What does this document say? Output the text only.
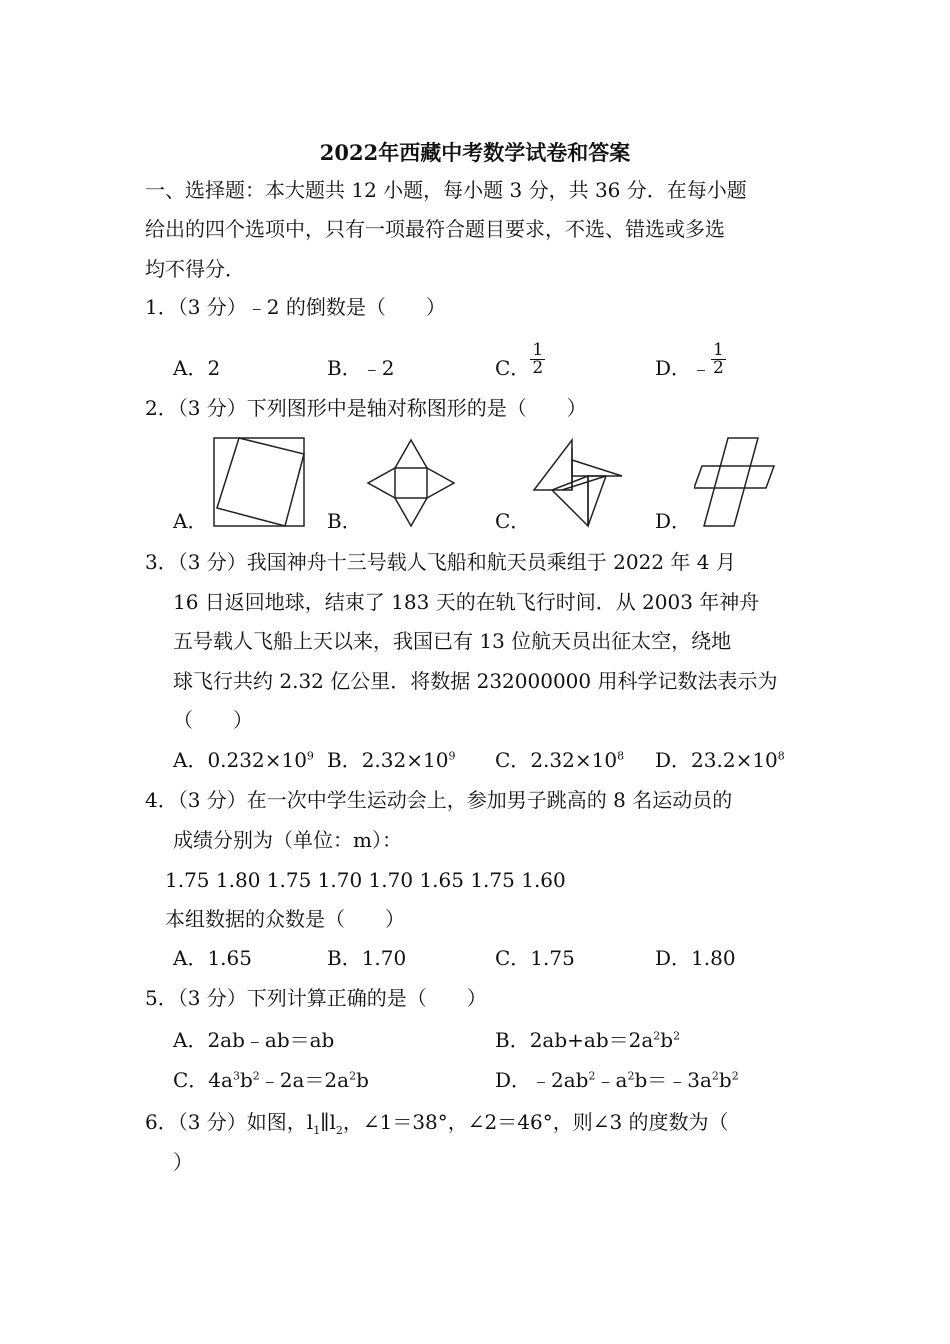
2022年西藏中考数学试卷和答案
一、选择题：本大题共 12 小题，每小题 3 分，共 36 分．在每小题
给出的四个选项中，只有一项最符合题目要求，不选、错选或多选
均不得分．
1．（3 分）﹣2 的倒数是（　　）
A．2	B．﹣2	C． $\frac{1}{2}$	D．﹣ $\frac{1}{2}$
2．（3 分）下列图形中是轴对称图形的是（　　）
A．	B．	C．	D．
3．（3 分）我国神舟十三号载人飞船和航天员乘组于 2022 年 4 月
16 日返回地球，结束了 183 天的在轨飞行时间．从 2003 年神舟
五号载人飞船上天以来，我国已有 13 位航天员出征太空，绕地
球飞行共约 2.32 亿公里．将数据 232000000 用科学记数法表示为
（　　）
A．$0.232\times 10^9$ B．$2.32\times 10^9$ C．$2.32\times 10^8$ D．$23.2\times 10^8$
4．（3 分）在一次中学生运动会上，参加男子跳高的 8 名运动员的
成绩分别为（单位：m）：
1.75 1.80 1.75 1.70 1.70 1.65 1.75 1.60
本组数据的众数是（　　）
A．1.65	B．1.70	C．1.75	D．1.80
5．（3 分）下列计算正确的是（　　）
A．2ab﹣ab＝ab	B．$2ab+ab=2a^2b^2$
C．$4a^3b^2﹣2a=2a^2b$	D．$﹣2ab^2﹣a^2b=﹣3a^2b^2$
6．（3 分）如图，$l_1\parallel l_2$，∠1＝38°，∠2＝46°，则∠3 的度数为（
）
